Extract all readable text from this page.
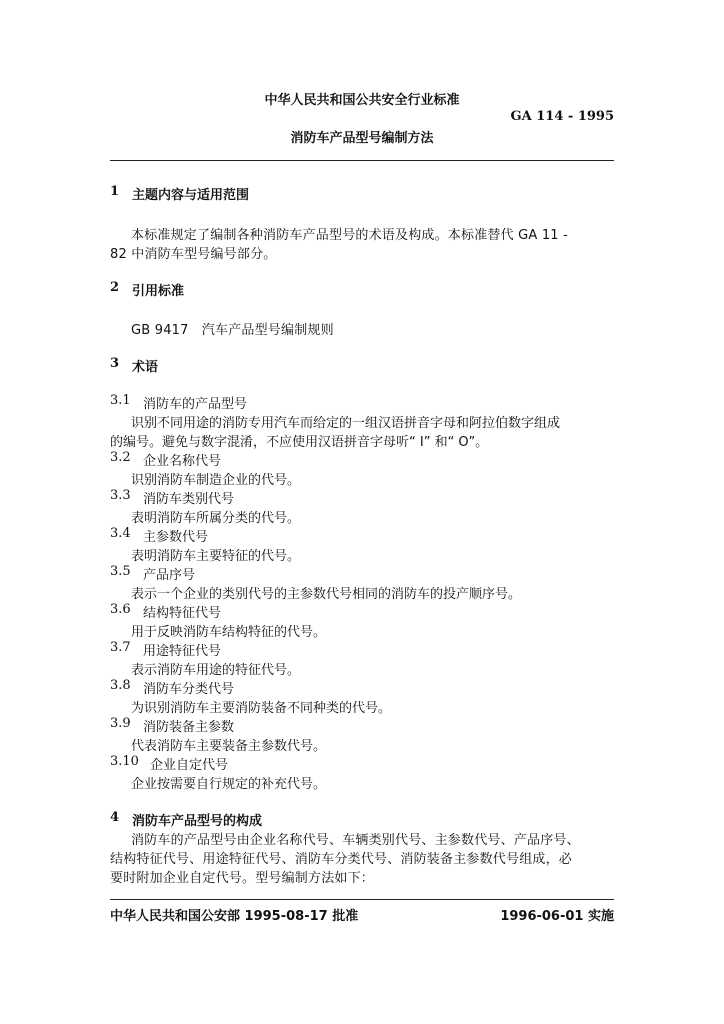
中华人民共和国公共安全行业标准
GA 114 - 1995
消防车产品型号编制方法
1 主题内容与适用范围
本标准规定了编制各种消防车产品型号的术语及构成。本标准替代 GA 11 -
82 中消防车型号编号部分。
2 引用标准
GB 9417　汽车产品型号编制规则
3 术语
3.1 消防车的产品型号
识别不同用途的消防专用汽车而给定的一组汉语拼音字母和阿拉伯数字组成
的编号。避免与数字混淆，不应使用汉语拼音字母听“ I” 和“ O”。
3.2 企业名称代号
识别消防车制造企业的代号。
3.3 消防车类别代号
表明消防车所属分类的代号。
3.4 主参数代号
表明消防车主要特征的代号。
3.5 产品序号
表示一个企业的类别代号的主参数代号相同的消防车的投产顺序号。
3.6 结构特征代号
用于反映消防车结构特征的代号。
3.7 用途特征代号
表示消防车用途的特征代号。
3.8 消防车分类代号
为识别消防车主要消防装备不同种类的代号。
3.9 消防装备主参数
代表消防车主要装备主参数代号。
3.10 企业自定代号
企业按需要自行规定的补充代号。
4 消防车产品型号的构成
消防车的产品型号由企业名称代号、车辆类别代号、主参数代号、产品序号、
结构特征代号、用途特征代号、消防车分类代号、消防装备主参数代号组成，必
要时附加企业自定代号。型号编制方法如下：
中华人民共和国公安部 1995-08-17 批准	1996-06-01 实施
